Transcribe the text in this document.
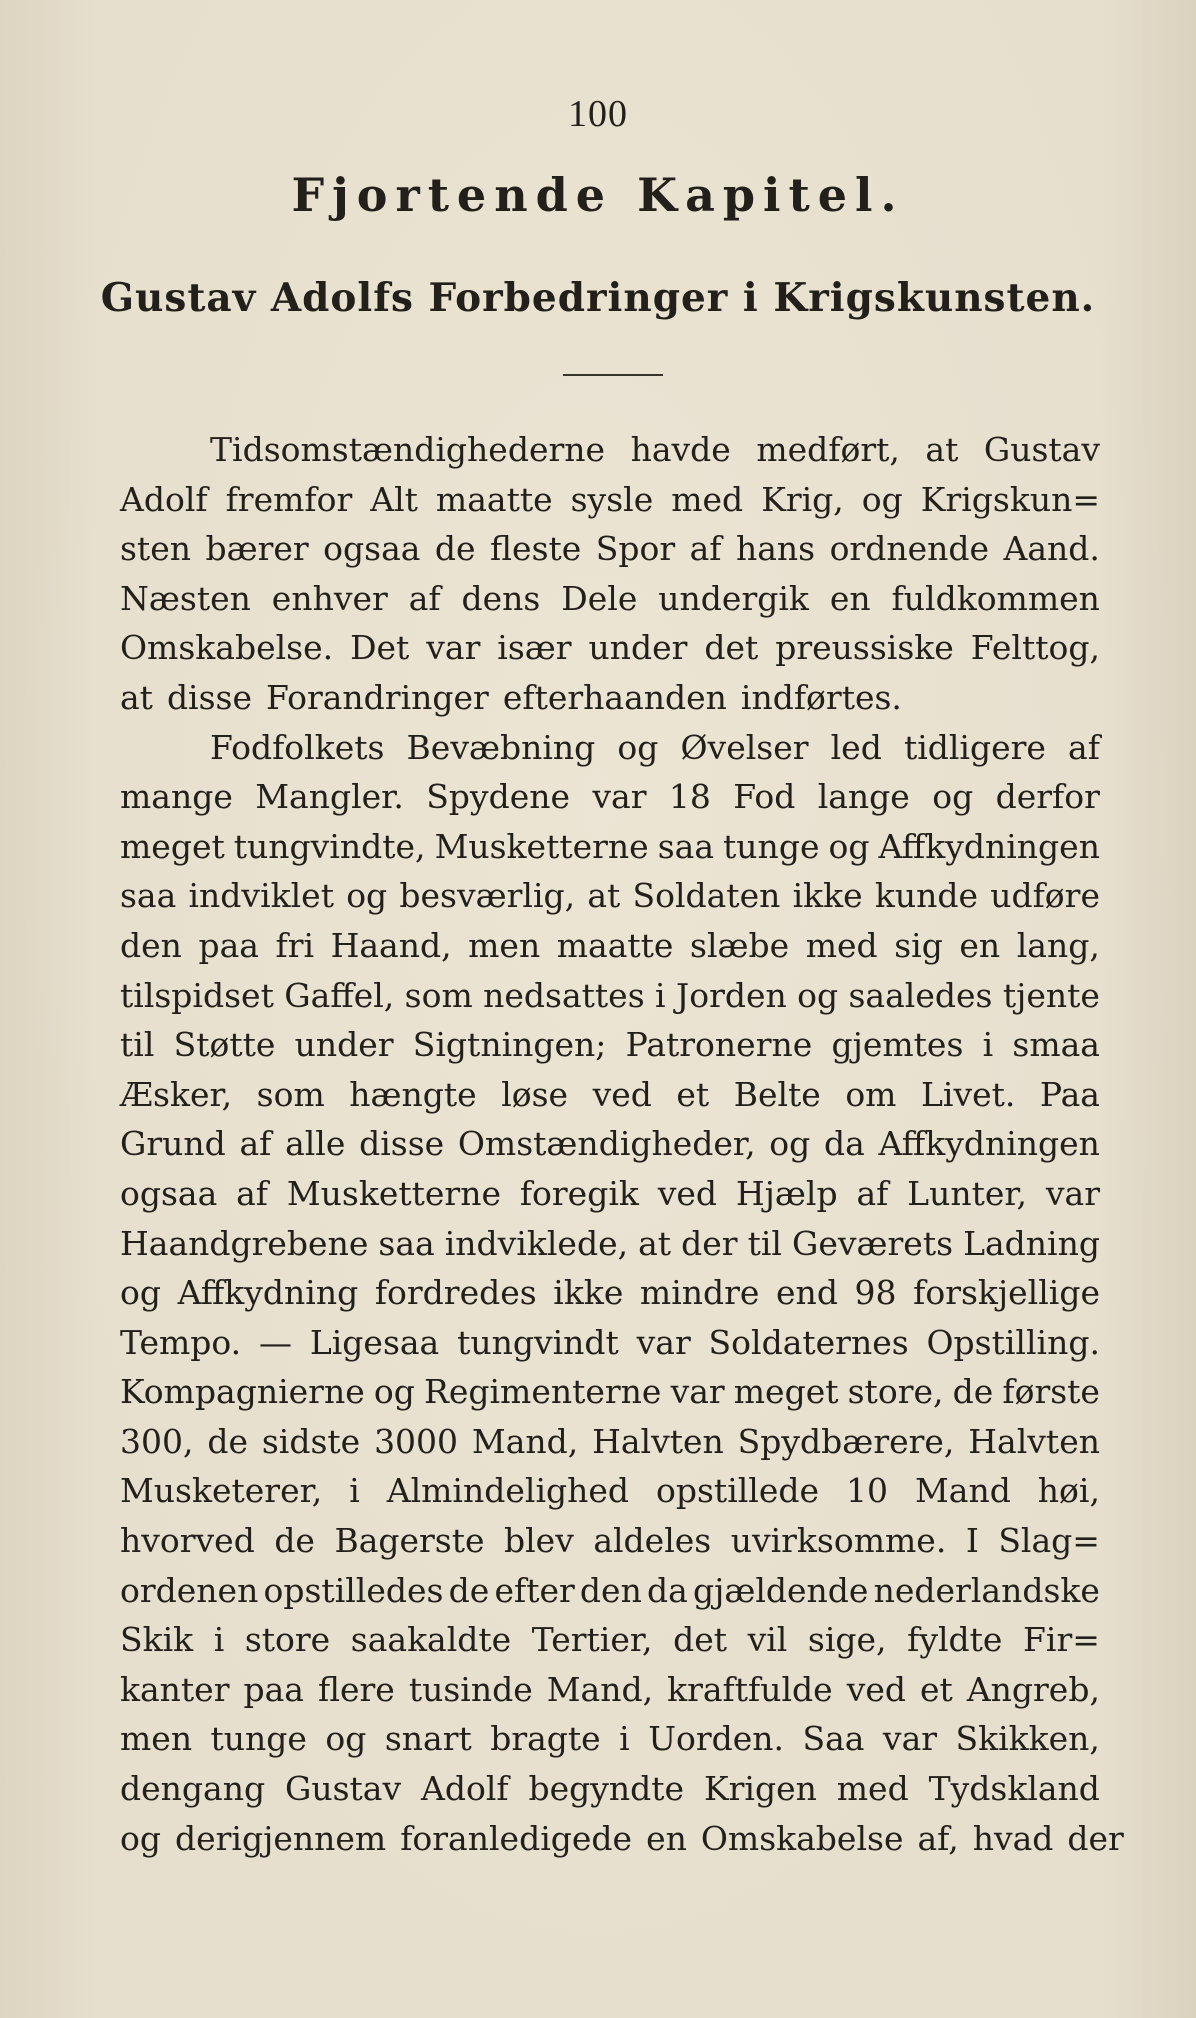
100
Fjortende Kapitel.
Gustav Adolfs Forbedringer i Krigskunsten.
Tidsomstændighederne havde medført, at Gustav
Adolf fremfor Alt maatte sysle med Krig, og Krigskun=
sten bærer ogsaa de fleste Spor af hans ordnende Aand.
Næsten enhver af dens Dele undergik en fuldkommen
Omskabelse. Det var især under det preussiske Felttog,
at disse Forandringer efterhaanden indførtes.
Fodfolkets Bevæbning og Øvelser led tidligere af
mange Mangler. Spydene var 18 Fod lange og derfor
meget tungvindte, Musketterne saa tunge og Affkydningen
saa indviklet og besværlig, at Soldaten ikke kunde udføre
den paa fri Haand, men maatte slæbe med sig en lang,
tilspidset Gaffel, som nedsattes i Jorden og saaledes tjente
til Støtte under Sigtningen; Patronerne gjemtes i smaa
Æsker, som hængte løse ved et Belte om Livet. Paa
Grund af alle disse Omstændigheder, og da Affkydningen
ogsaa af Musketterne foregik ved Hjælp af Lunter, var
Haandgrebene saa indviklede, at der til Geværets Ladning
og Affkydning fordredes ikke mindre end 98 forskjellige
Tempo. — Ligesaa tungvindt var Soldaternes Opstilling.
Kompagnierne og Regimenterne var meget store, de første
300, de sidste 3000 Mand, Halvten Spydbærere, Halvten
Musketerer, i Almindelighed opstillede 10 Mand høi,
hvorved de Bagerste blev aldeles uvirksomme. I Slag=
ordenen opstilledes de efter den da gjældende nederlandske
Skik i store saakaldte Tertier, det vil sige, fyldte Fir=
kanter paa flere tusinde Mand, kraftfulde ved et Angreb,
men tunge og snart bragte i Uorden. Saa var Skikken,
dengang Gustav Adolf begyndte Krigen med Tydskland
og derigjennem foranledigede en Omskabelse af, hvad der
